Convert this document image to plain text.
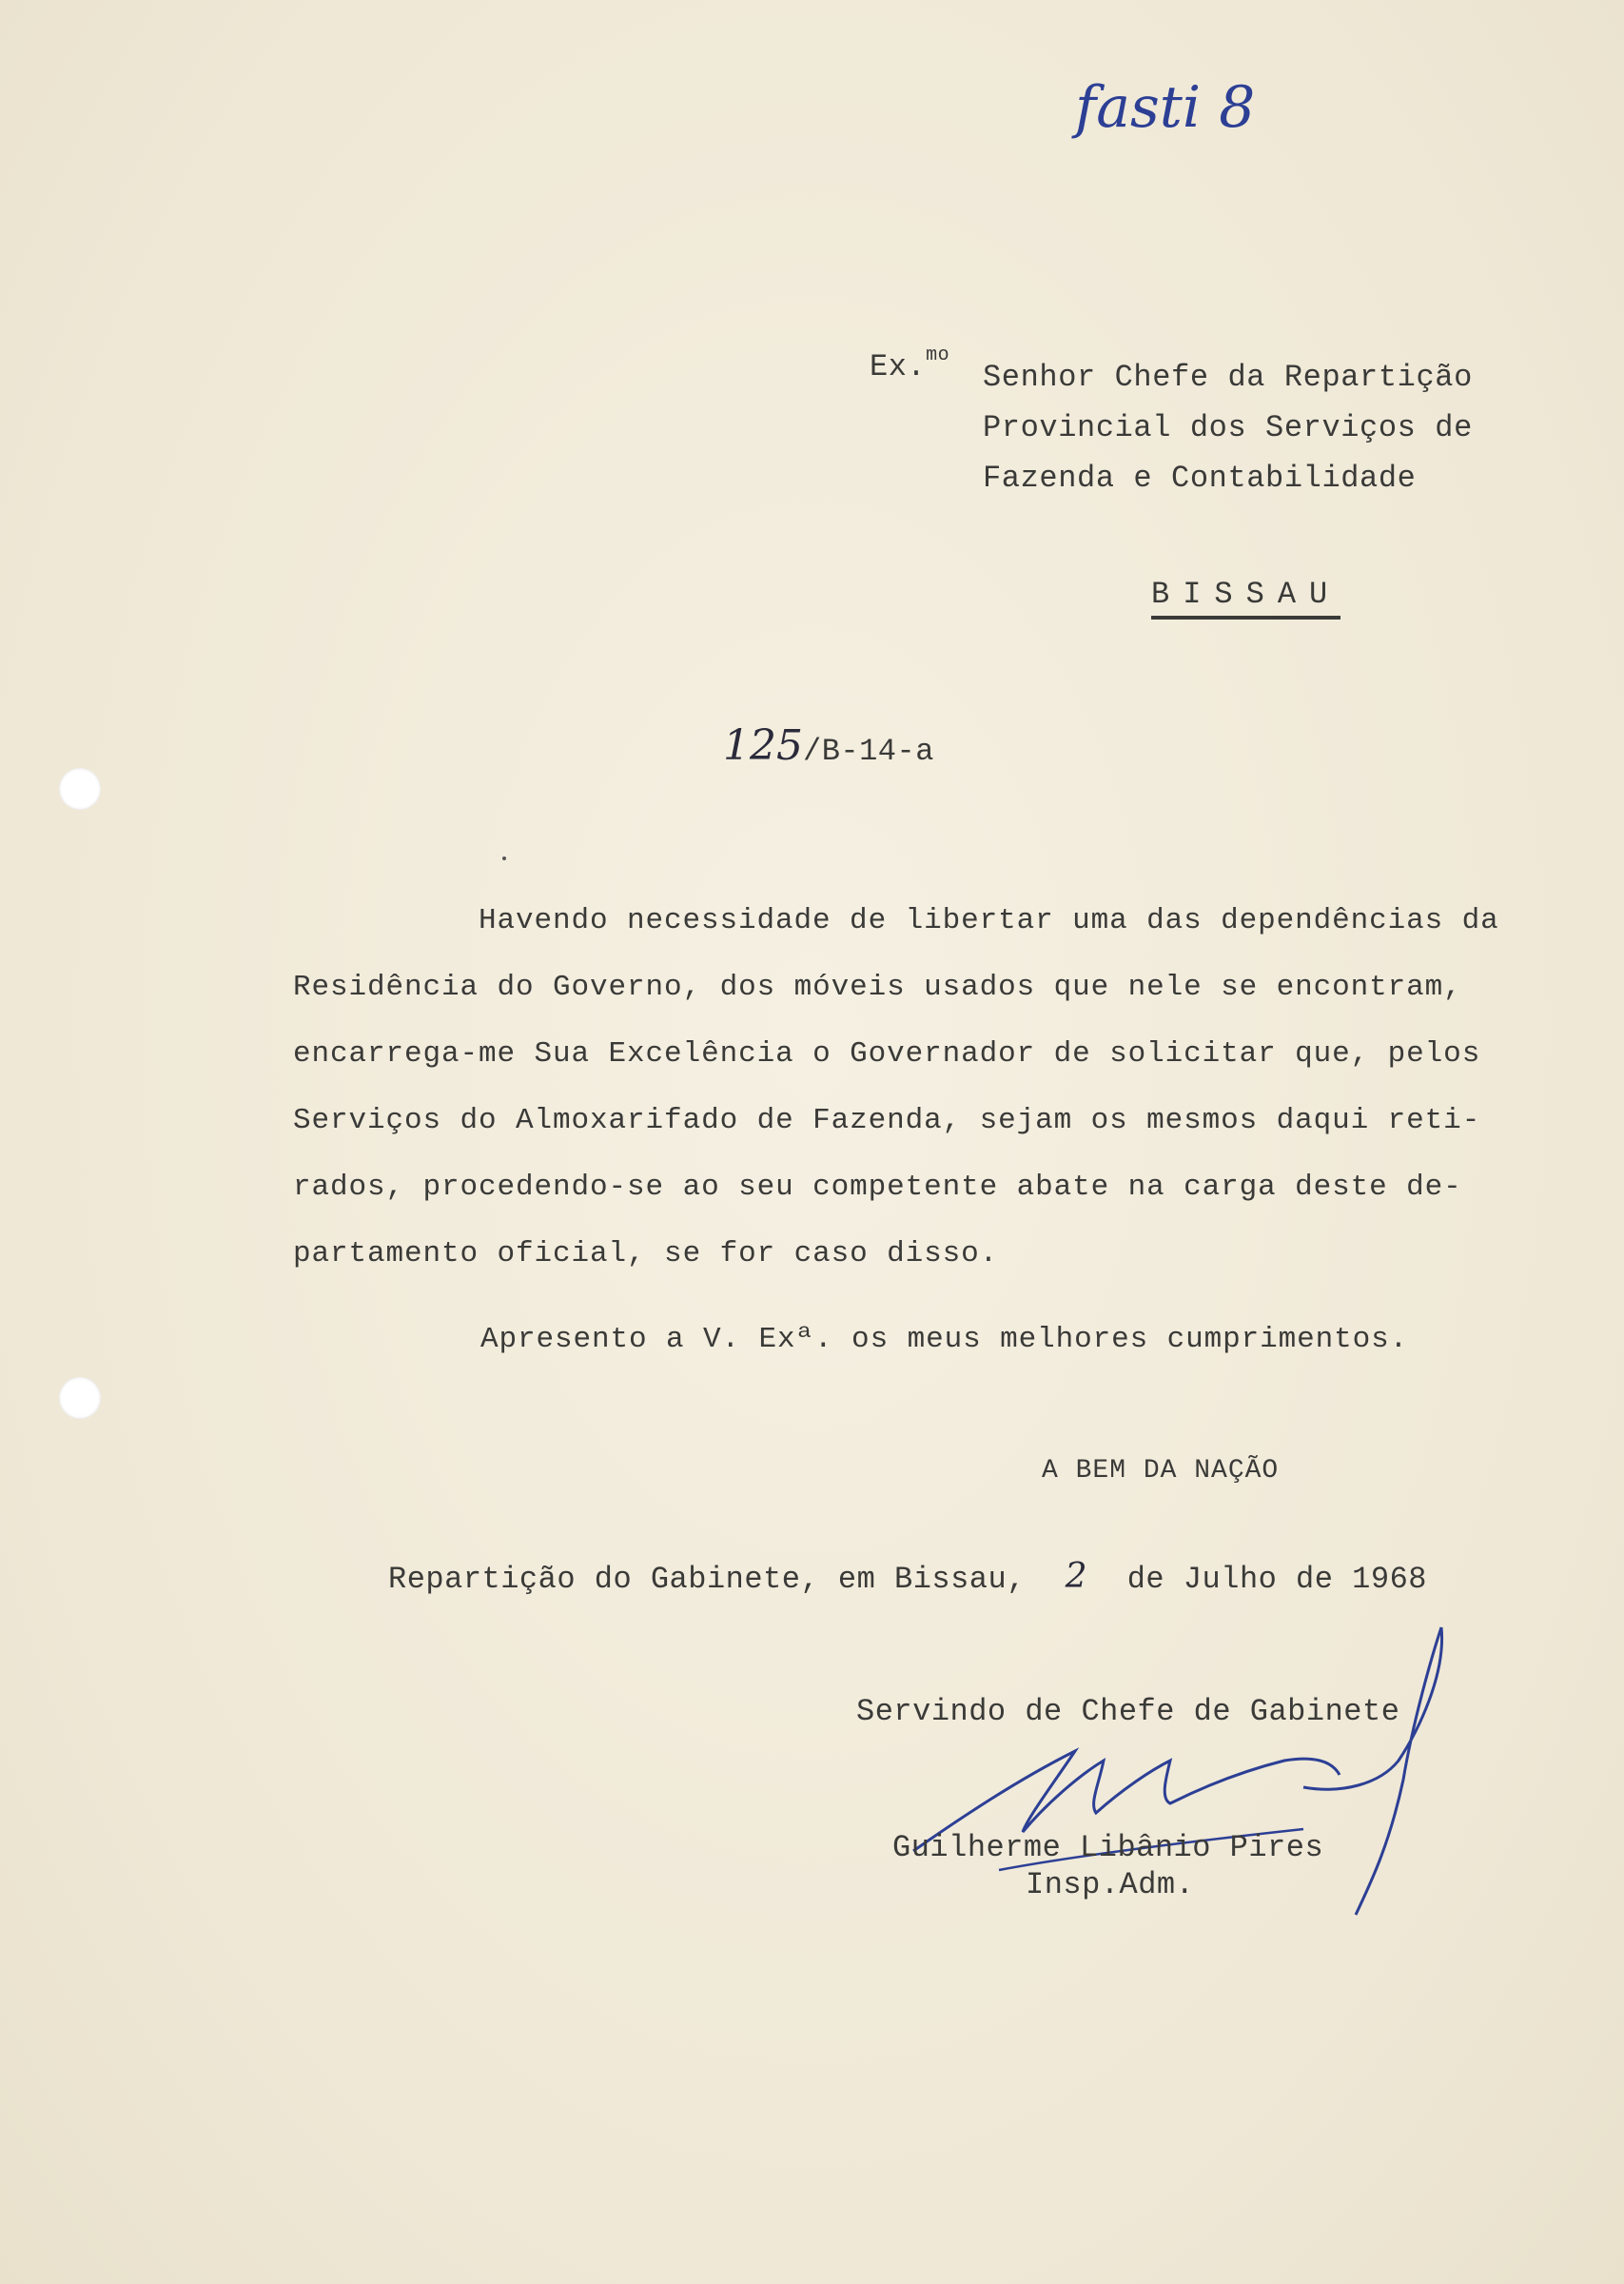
fasti 8
Ex.$^{mo}$
Senhor Chefe da Repartição
Provincial dos Serviços de
Fazenda e Contabilidade
BISSAU
125/B-14-a
Havendo necessidade de libertar uma das dependências da
Residência do Governo, dos móveis usados que nele se encontram,
encarrega-me Sua Excelência o Governador de solicitar que, pelos
Serviços do Almoxarifado de Fazenda, sejam os mesmos daqui reti-
rados, procedendo-se ao seu competente abate na carga deste de-
partamento oficial, se for caso disso.
Apresento a V. Exª. os meus melhores cumprimentos.
A BEM DA NAÇÃO
Repartição do Gabinete, em Bissau, 2 de Julho de 1968
Servindo de Chefe de Gabinete
Guilherme Libânio Pires
Insp.Adm.
